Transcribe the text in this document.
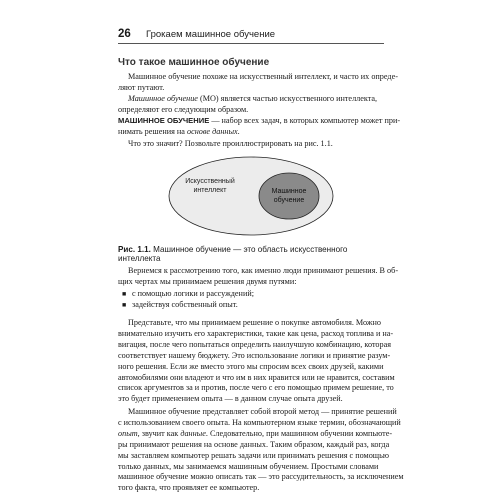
26 Грокаем машинное обучение
Что такое машинное обучение
Машинное обучение похоже на искусственный интеллект, и часто их опреде-
ляют путают.
Машинное обучение (МО) является частью искусственного интеллекта,
определяют его следующим образом.
МАШИННОЕ ОБУЧЕНИЕ — набор всех задач, в которых компьютер может при-
нимать решения на основе данных.
Что это значит? Позвольте проиллюстрировать на рис. 1.1.
Искусственный
интеллект	Машинное
обучение
Рис. 1.1. Машинное обучение — это область искусственного интеллекта
Вернемся к рассмотрению того, как именно люди принимают решения. В об-
щих чертах мы принимаем решения двумя путями:
■ с помощью логики и рассуждений;
■ задействуя собственный опыт.
Представьте, что мы принимаем решение о покупке автомобиля. Можно
внимательно изучить его характеристики, такие как цена, расход топлива и на-
вигация, после чего попытаться определить наилучшую комбинацию, которая
соответствует нашему бюджету. Это использование логики и принятие разум-
ного решения. Если же вместо этого мы спросим всех своих друзей, какими
автомобилями они владеют и что им в них нравится или не нравится, составим
список аргументов за и против, после чего с его помощью примем решение, то
это будет применением опыта — в данном случае опыта друзей.
Машинное обучение представляет собой второй метод — принятие решений
с использованием своего опыта. На компьютерном языке термин, обозначающий
опыт, звучит как данные. Следовательно, при машинном обучении компьюте-
ры принимают решения на основе данных. Таким образом, каждый раз, когда
мы заставляем компьютер решать задачи или принимать решения с помощью
только данных, мы занимаемся машинным обучением. Простыми словами
машинное обучение можно описать так — это рассудительность, за исключением
того факта, что проявляет ее компьютер.
